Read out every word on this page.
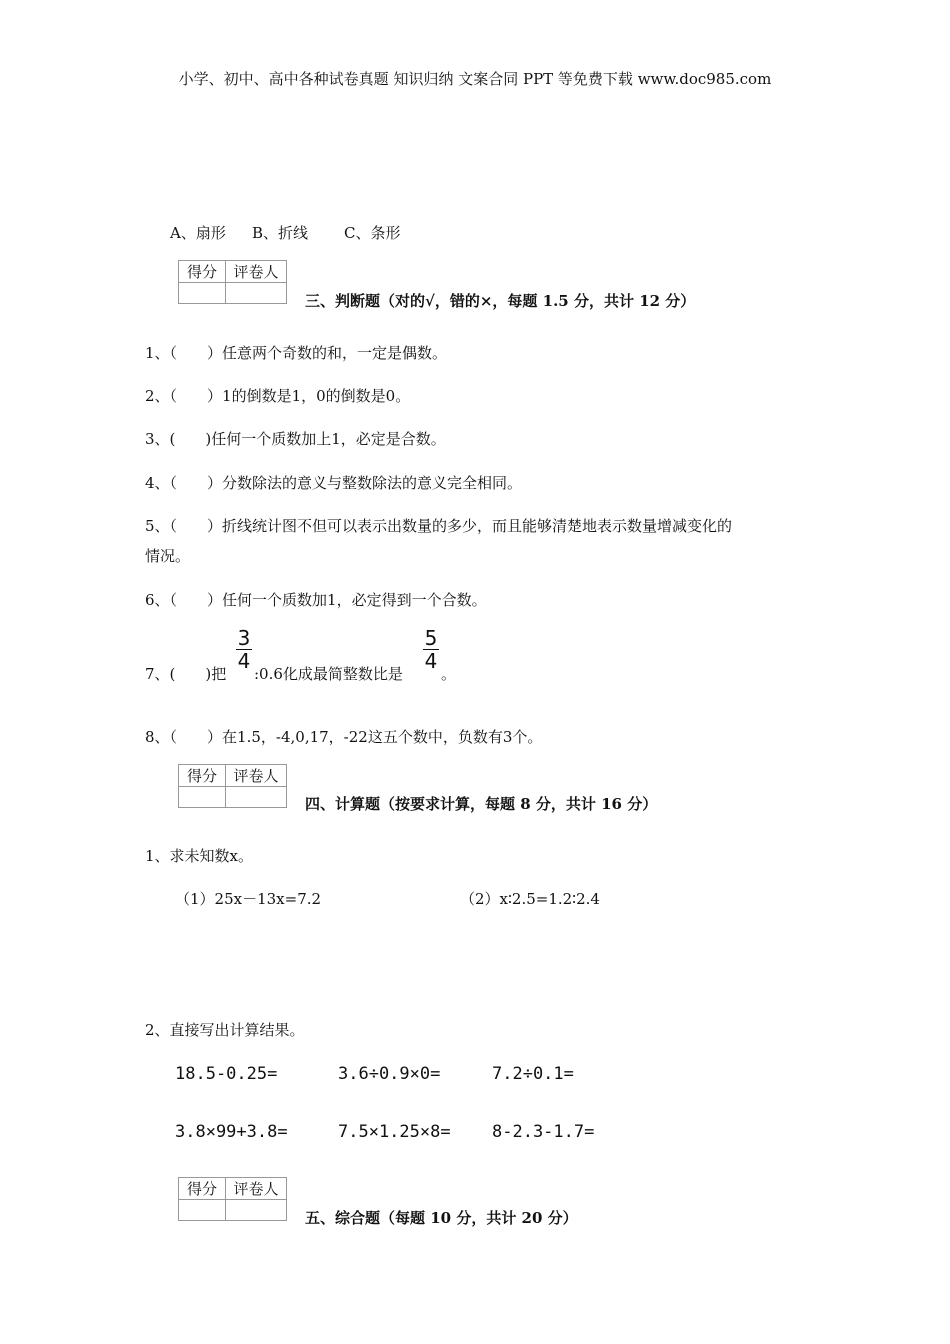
小学、初中、高中各种试卷真题 知识归纳 文案合同 PPT 等免费下载 www.doc985.com
A、扇形 B、折线 C、条形
得分	评卷人

三、判断题（对的√，错的×，每题 1.5 分，共计 12 分）
1、（　　）任意两个奇数的和，一定是偶数。
2、（　　）1的倒数是1，0的倒数是0。
3、(　　)任何一个质数加上1，必定是合数。
4、（　　）分数除法的意义与整数除法的意义完全相同。
5、（　　）折线统计图不但可以表示出数量的多少，而且能够清楚地表示数量增减变化的
情况。
6、（　　）任何一个质数加1，必定得到一个合数。
7、(　　)把
3
4
:0.6化成最简整数比是
5
4
。
8、（　　）在1.5，-4,0,17，-22这五个数中，负数有3个。
得分	评卷人

四、计算题（按要求计算，每题 8 分，共计 16 分）
1、求未知数x。
（1）25x－13x=7.2	（2）x∶2.5=1.2∶2.4
2、直接写出计算结果。
18.5-0.25=	3.6÷0.9×0=	7.2÷0.1=
3.8×99+3.8=	7.5×1.25×8= 8-2.3-1.7=
得分	评卷人

五、综合题（每题 10 分，共计 20 分）
